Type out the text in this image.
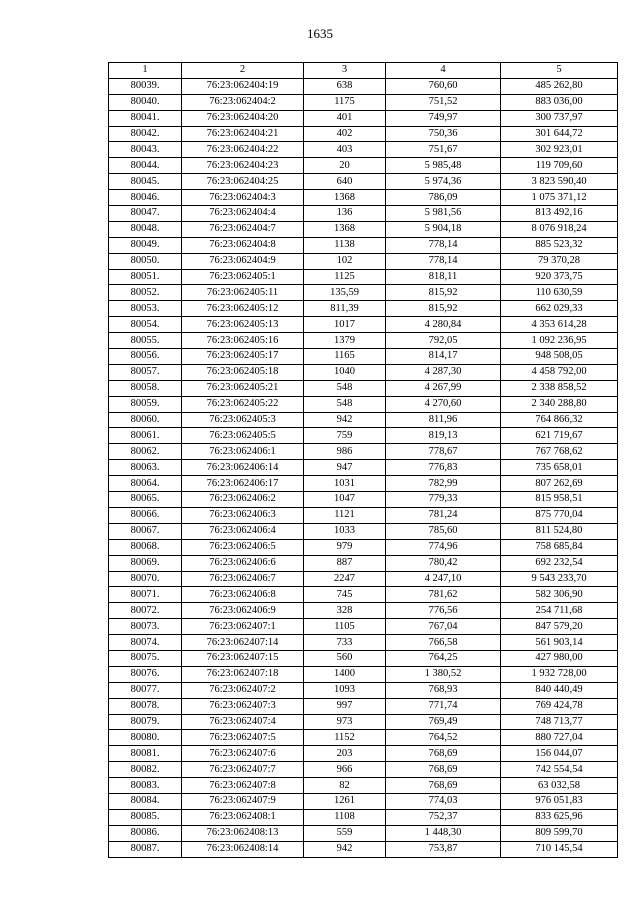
1635
1	2	3	4	5
80039.	76:23:062404:19	638	760,60	485 262,80
80040.	76:23:062404:2	1175	751,52	883 036,00
80041.	76:23:062404:20	401	749,97	300 737,97
80042.	76:23:062404:21	402	750,36	301 644,72
80043.	76:23:062404:22	403	751,67	302 923,01
80044.	76:23:062404:23	20	5 985,48	119 709,60
80045.	76:23:062404:25	640	5 974,36	3 823 590,40
80046.	76:23:062404:3	1368	786,09	1 075 371,12
80047.	76:23:062404:4	136	5 981,56	813 492,16
80048.	76:23:062404:7	1368	5 904,18	8 076 918,24
80049.	76:23:062404:8	1138	778,14	885 523,32
80050.	76:23:062404:9	102	778,14	79 370,28
80051.	76:23:062405:1	1125	818,11	920 373,75
80052.	76:23:062405:11	135,59	815,92	110 630,59
80053.	76:23:062405:12	811,39	815,92	662 029,33
80054.	76:23:062405:13	1017	4 280,84	4 353 614,28
80055.	76:23:062405:16	1379	792,05	1 092 236,95
80056.	76:23:062405:17	1165	814,17	948 508,05
80057.	76:23:062405:18	1040	4 287,30	4 458 792,00
80058.	76:23:062405:21	548	4 267,99	2 338 858,52
80059.	76:23:062405:22	548	4 270,60	2 340 288,80
80060.	76:23:062405:3	942	811,96	764 866,32
80061.	76:23:062405:5	759	819,13	621 719,67
80062.	76:23:062406:1	986	778,67	767 768,62
80063.	76:23:062406:14	947	776,83	735 658,01
80064.	76:23:062406:17	1031	782,99	807 262,69
80065.	76:23:062406:2	1047	779,33	815 958,51
80066.	76:23:062406:3	1121	781,24	875 770,04
80067.	76:23:062406:4	1033	785,60	811 524,80
80068.	76:23:062406:5	979	774,96	758 685,84
80069.	76:23:062406:6	887	780,42	692 232,54
80070.	76:23:062406:7	2247	4 247,10	9 543 233,70
80071.	76:23:062406:8	745	781,62	582 306,90
80072.	76:23:062406:9	328	776,56	254 711,68
80073.	76:23:062407:1	1105	767,04	847 579,20
80074.	76:23:062407:14	733	766,58	561 903,14
80075.	76:23:062407:15	560	764,25	427 980,00
80076.	76:23:062407:18	1400	1 380,52	1 932 728,00
80077.	76:23:062407:2	1093	768,93	840 440,49
80078.	76:23:062407:3	997	771,74	769 424,78
80079.	76:23:062407:4	973	769,49	748 713,77
80080.	76:23:062407:5	1152	764,52	880 727,04
80081.	76:23:062407:6	203	768,69	156 044,07
80082.	76:23:062407:7	966	768,69	742 554,54
80083.	76:23:062407:8	82	768,69	63 032,58
80084.	76:23:062407:9	1261	774,03	976 051,83
80085.	76:23:062408:1	1108	752,37	833 625,96
80086.	76:23:062408:13	559	1 448,30	809 599,70
80087.	76:23:062408:14	942	753,87	710 145,54
